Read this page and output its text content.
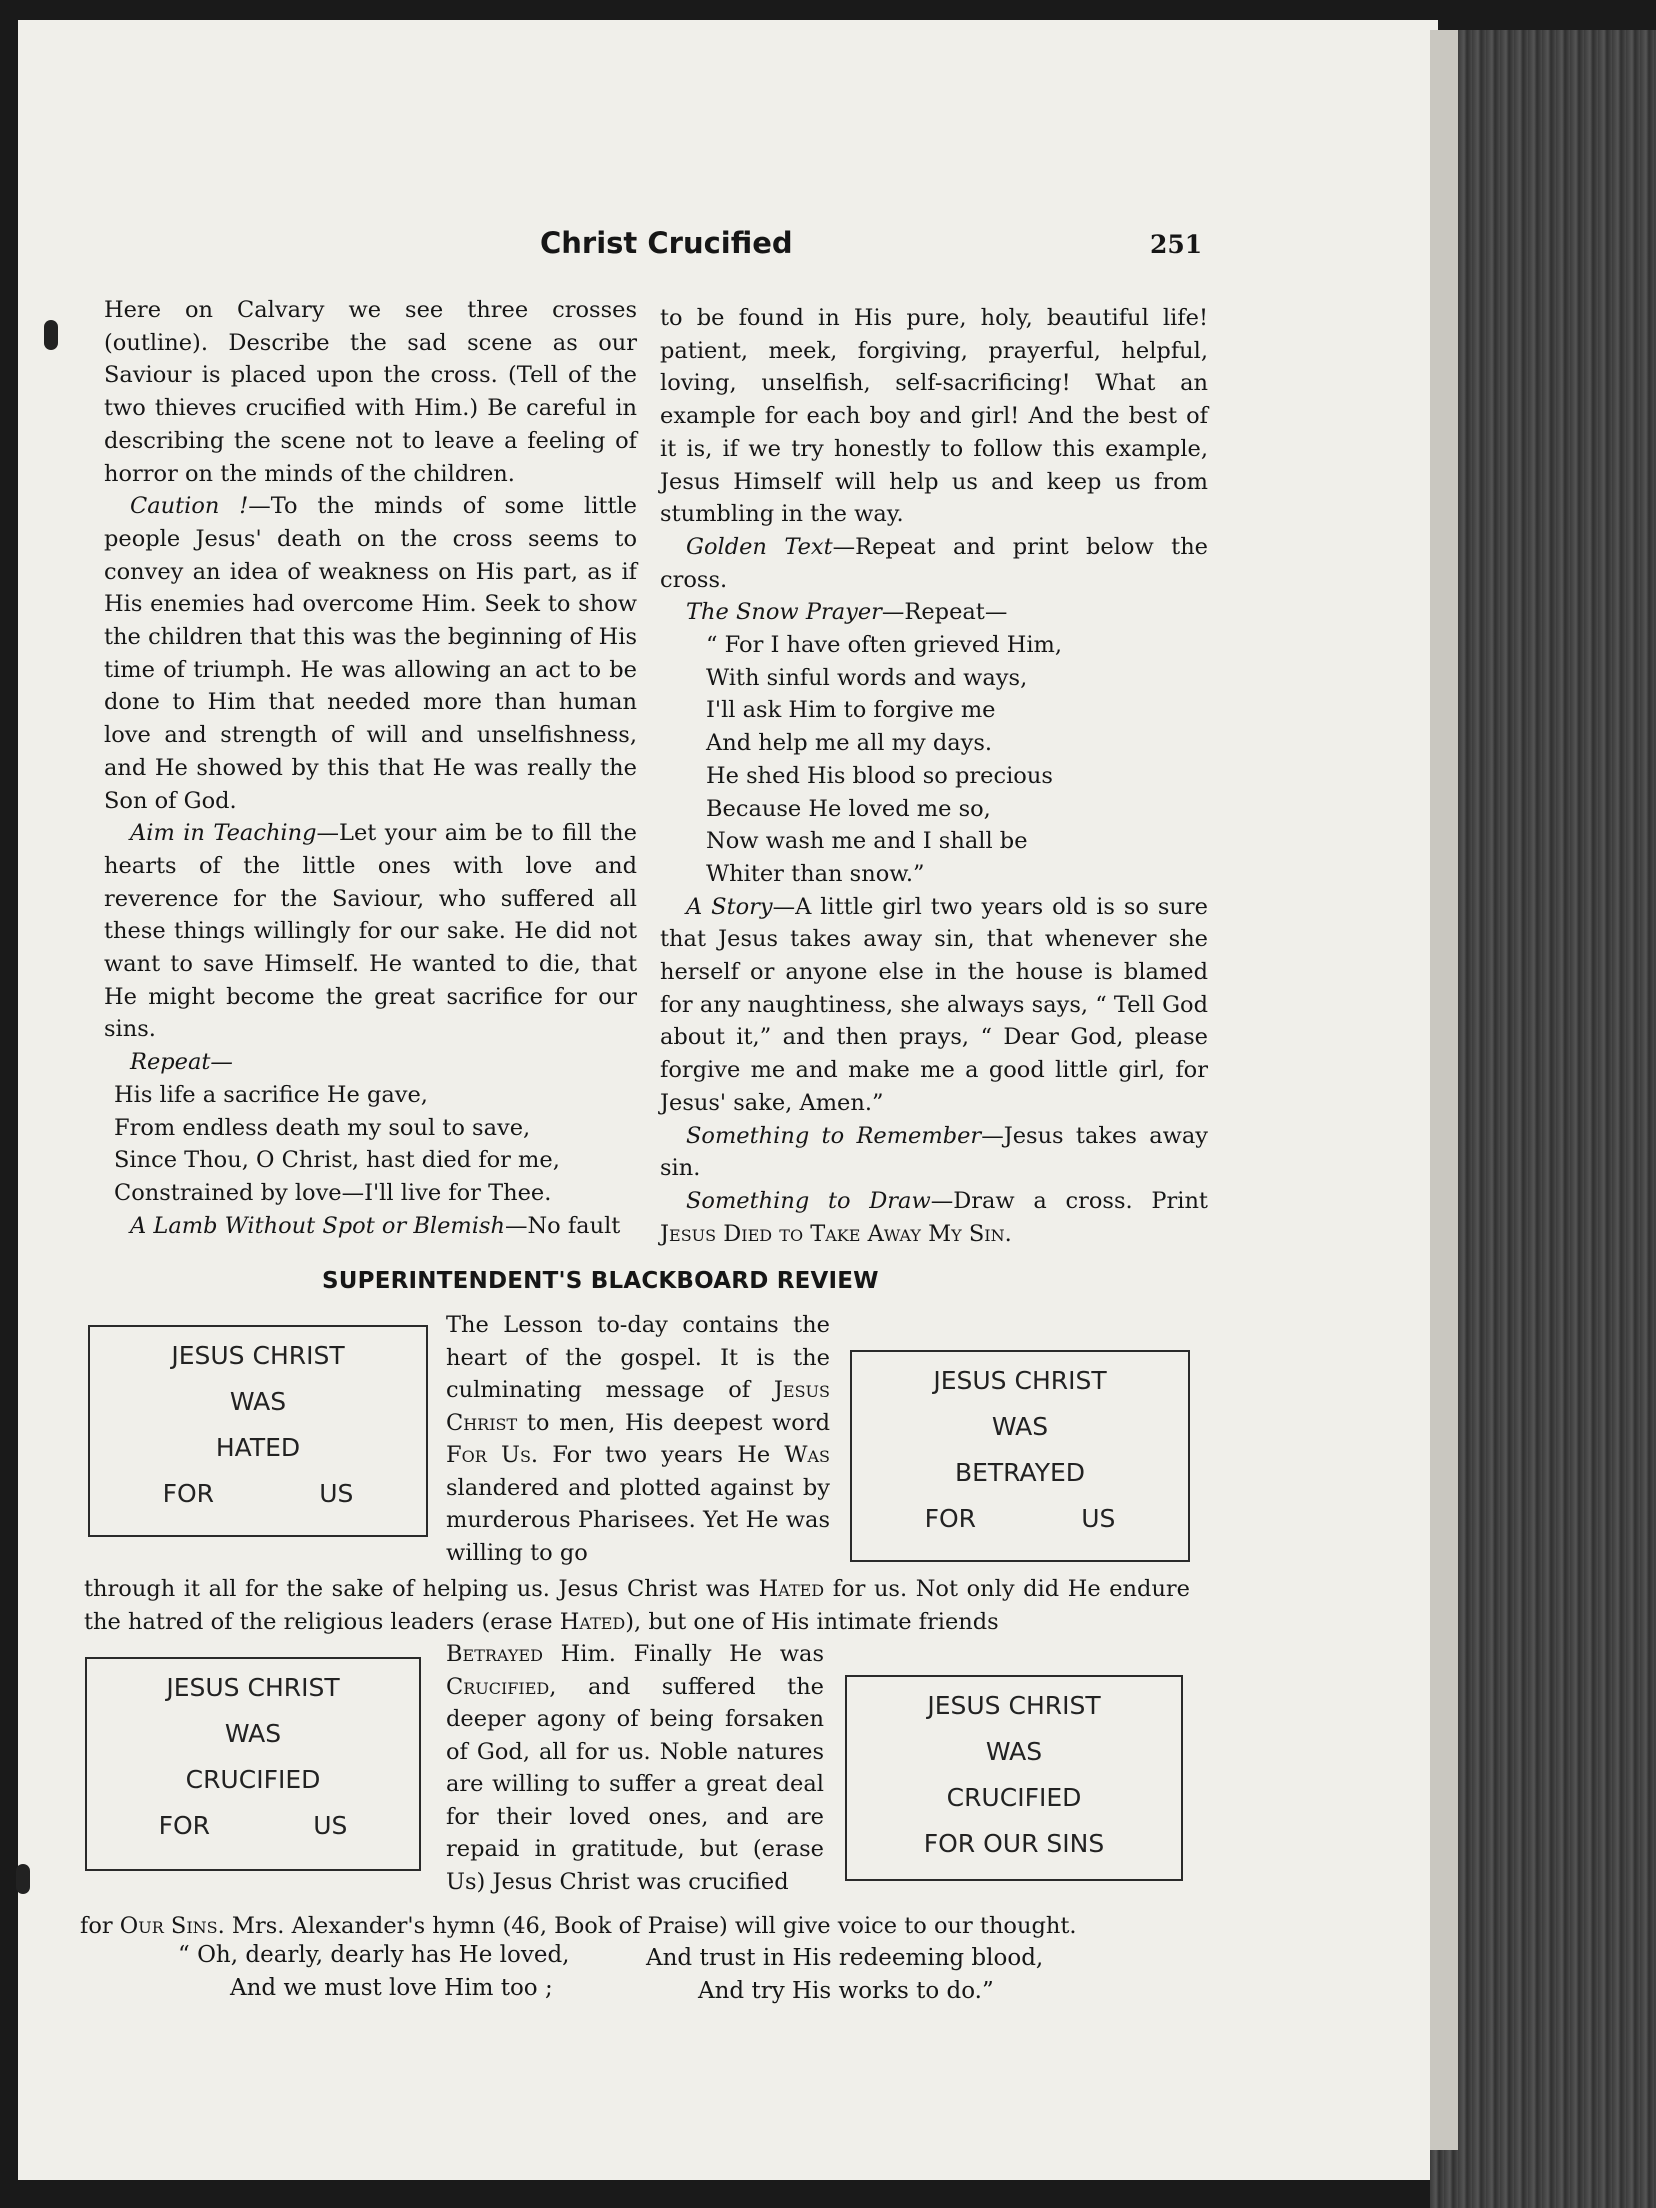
Christ Crucified	251

Here on Calvary we see three crosses (outline). Describe the sad scene as our Saviour is placed upon the cross. (Tell of the two thieves crucified with Him.) Be careful in describing the scene not to leave a feeling of horror on the minds of the children.

Caution !—To the minds of some little people Jesus' death on the cross seems to convey an idea of weakness on His part, as if His enemies had overcome Him. Seek to show the children that this was the beginning of His time of triumph. He was allowing an act to be done to Him that needed more than human love and strength of will and unselfishness, and He showed by this that He was really the Son of God.

Aim in Teaching—Let your aim be to fill the hearts of the little ones with love and reverence for the Saviour, who suffered all these things willingly for our sake. He did not want to save Himself. He wanted to die, that He might become the great sacrifice for our sins.

Repeat—

His life a sacrifice He gave,
From endless death my soul to save,
Since Thou, O Christ, hast died for me,
Constrained by love—I'll live for Thee.

A Lamb Without Spot or Blemish—No fault

to be found in His pure, holy, beautiful life! patient, meek, forgiving, prayerful, helpful, loving, unselfish, self-sacrificing! What an example for each boy and girl! And the best of it is, if we try honestly to follow this example, Jesus Himself will help us and keep us from stumbling in the way.

Golden Text—Repeat and print below the cross.

The Snow Prayer—Repeat—

“ For I have often grieved Him,
With sinful words and ways,
I'll ask Him to forgive me
And help me all my days.
He shed His blood so precious
Because He loved me so,
Now wash me and I shall be
Whiter than snow.”

A Story—A little girl two years old is so sure that Jesus takes away sin, that whenever she herself or anyone else in the house is blamed for any naughtiness, she always says, “ Tell God about it,” and then prays, “ Dear God, please forgive me and make me a good little girl, for Jesus' sake, Amen.”

Something to Remember—Jesus takes away sin.

Something to Draw—Draw a cross. Print Jesus Died to Take Away My Sin.

SUPERINTENDENT'S BLACKBOARD REVIEW
JESUS CHRIST
WAS
HATED
FOR	US
The Lesson to-day contains the heart of the gospel. It is the culminating message of Jesus Christ to men, His deepest word For Us. For two years He Was slandered and plotted against by murderous Pharisees. Yet He was willing to go
JESUS CHRIST
WAS
BETRAYED
FOR	US
through it all for the sake of helping us. Jesus Christ was Hated for us. Not only did He endure the hatred of the religious leaders (erase Hated), but one of His intimate friends
JESUS CHRIST
WAS
CRUCIFIED
FOR	US
Betrayed Him. Finally He was Crucified, and suffered the deeper agony of being forsaken of God, all for us. Noble natures are willing to suffer a great deal for their loved ones, and are repaid in gratitude, but (erase Us) Jesus Christ was crucified
JESUS CHRIST
WAS
CRUCIFIED
FOR OUR SINS
for Our Sins. Mrs. Alexander's hymn (46, Book of Praise) will give voice to our thought.
“ Oh, dearly, dearly has He loved,
And we must love Him too ;
And trust in His redeeming blood,
And try His works to do.”
